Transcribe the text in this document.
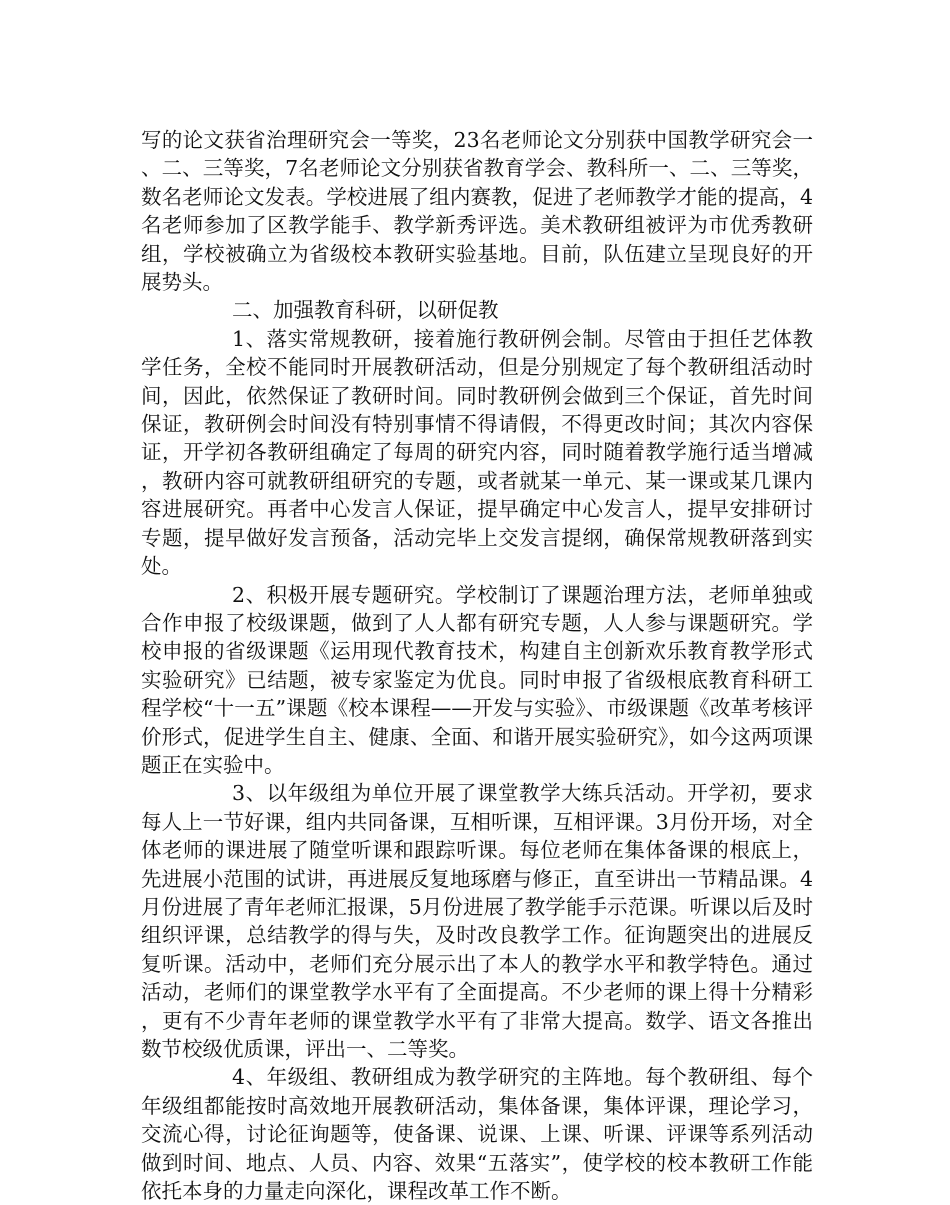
写的论文获省治理研究会一等奖，23名老师论文分别获中国教学研究会一、二、三等奖，7名老师论文分别获省教育学会、教科所一、二、三等奖，数名老师论文发表。学校进展了组内赛教，促进了老师教学才能的提高，4名老师参加了区教学能手、教学新秀评选。美术教研组被评为市优秀教研组，学校被确立为省级校本教研实验基地。目前，队伍建立呈现良好的开展势头。

二、加强教育科研，以研促教

1、落实常规教研，接着施行教研例会制。尽管由于担任艺体教学任务，全校不能同时开展教研活动，但是分别规定了每个教研组活动时间，因此，依然保证了教研时间。同时教研例会做到三个保证，首先时间保证，教研例会时间没有特别事情不得请假，不得更改时间；其次内容保证，开学初各教研组确定了每周的研究内容，同时随着教学施行适当增减，教研内容可就教研组研究的专题，或者就某一单元、某一课或某几课内容进展研究。再者中心发言人保证，提早确定中心发言人，提早安排研讨专题，提早做好发言预备，活动完毕上交发言提纲，确保常规教研落到实处。

2、积极开展专题研究。学校制订了课题治理方法，老师单独或合作申报了校级课题，做到了人人都有研究专题，人人参与课题研究。学校申报的省级课题《运用现代教育技术，构建自主创新欢乐教育教学形式实验研究》已结题，被专家鉴定为优良。同时申报了省级根底教育科研工程学校“十一五”课题《校本课程——开发与实验》、市级课题《改革考核评价形式，促进学生自主、健康、全面、和谐开展实验研究》，如今这两项课题正在实验中。

3、以年级组为单位开展了课堂教学大练兵活动。开学初，要求每人上一节好课，组内共同备课，互相听课，互相评课。3月份开场，对全体老师的课进展了随堂听课和跟踪听课。每位老师在集体备课的根底上，先进展小范围的试讲，再进展反复地琢磨与修正，直至讲出一节精品课。4月份进展了青年老师汇报课，5月份进展了教学能手示范课。听课以后及时组织评课，总结教学的得与失，及时改良教学工作。征询题突出的进展反复听课。活动中，老师们充分展示出了本人的教学水平和教学特色。通过活动，老师们的课堂教学水平有了全面提高。不少老师的课上得十分精彩，更有不少青年老师的课堂教学水平有了非常大提高。数学、语文各推出数节校级优质课，评出一、二等奖。

4、年级组、教研组成为教学研究的主阵地。每个教研组、每个年级组都能按时高效地开展教研活动，集体备课，集体评课，理论学习，交流心得，讨论征询题等，使备课、说课、上课、听课、评课等系列活动做到时间、地点、人员、内容、效果“五落实”，使学校的校本教研工作能依托本身的力量走向深化，课程改革工作不断。
